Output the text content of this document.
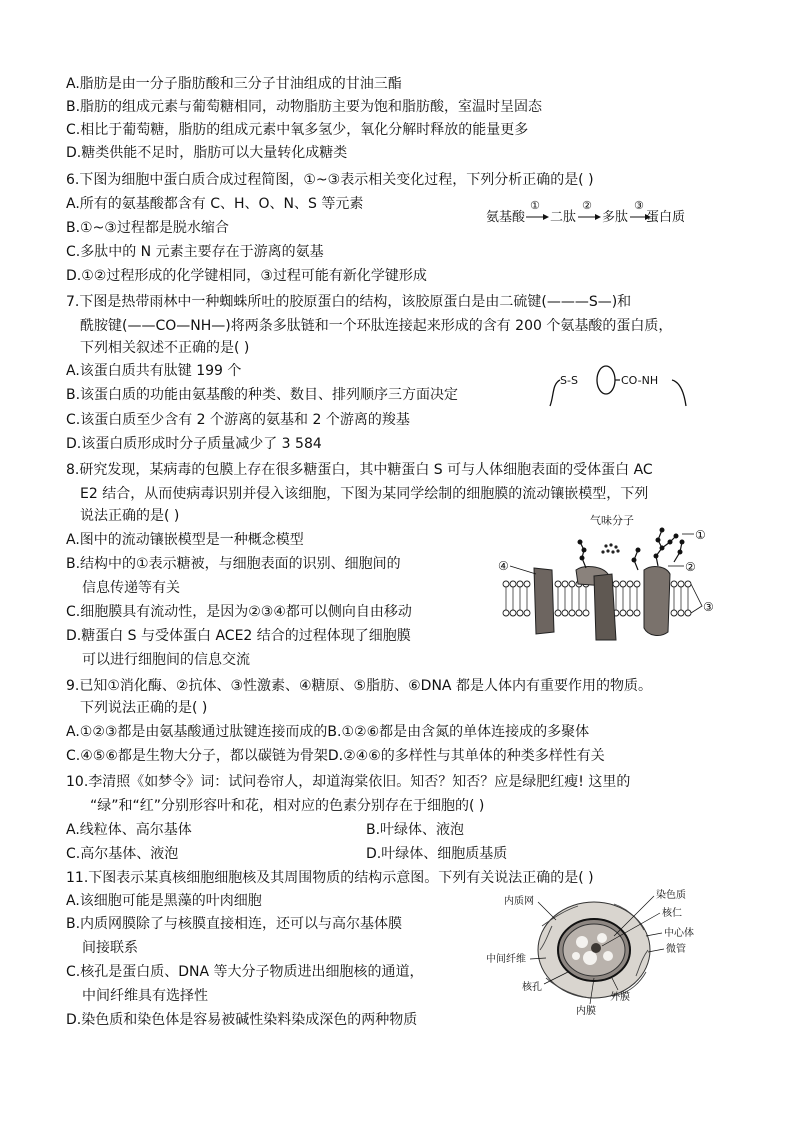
A.脂肪是由一分子脂肪酸和三分子甘油组成的甘油三酯
B.脂肪的组成元素与葡萄糖相同，动物脂肪主要为饱和脂肪酸，室温时呈固态
C.相比于葡萄糖，脂肪的组成元素中氧多氢少，氧化分解时释放的能量更多
D.糖类供能不足时，脂肪可以大量转化成糖类
6.下图为细胞中蛋白质合成过程简图，①~③表示相关变化过程，下列分析正确的是( )
A.所有的氨基酸都含有 C、H、O、N、S 等元素
B.①~③过程都是脱水缩合
C.多肽中的 N 元素主要存在于游离的氨基
D.①②过程形成的化学键相同，③过程可能有新化学键形成
7.下图是热带雨林中一种蜘蛛所吐的胶原蛋白的结构，该胶原蛋白是由二硫键(———S—)和
酰胺键(——CO—NH—)将两条多肽链和一个环肽连接起来形成的含有 200 个氨基酸的蛋白质，
下列相关叙述不正确的是( )
A.该蛋白质共有肽键 199 个
B.该蛋白质的功能由氨基酸的种类、数目、排列顺序三方面决定
C.该蛋白质至少含有 2 个游离的氨基和 2 个游离的羧基
D.该蛋白质形成时分子质量减少了 3 584
8.研究发现，某病毒的包膜上存在很多糖蛋白，其中糖蛋白 S 可与人体细胞表面的受体蛋白 AC
E2 结合，从而使病毒识别并侵入该细胞，下图为某同学绘制的细胞膜的流动镶嵌模型，下列
说法正确的是( )
A.图中的流动镶嵌模型是一种概念模型
B.结构中的①表示糖被，与细胞表面的识别、细胞间的
信息传递等有关
C.细胞膜具有流动性，是因为②③④都可以侧向自由移动
D.糖蛋白 S 与受体蛋白 ACE2 结合的过程体现了细胞膜
可以进行细胞间的信息交流
9.已知①消化酶、②抗体、③性激素、④糖原、⑤脂肪、⑥DNA 都是人体内有重要作用的物质。
下列说法正确的是( )
A.①②③都是由氨基酸通过肽键连接而成的B.①②⑥都是由含氮的单体连接成的多聚体
C.④⑤⑥都是生物大分子，都以碳链为骨架D.②④⑥的多样性与其单体的种类多样性有关
10.李清照《如梦令》词：试问卷帘人，却道海棠依旧。知否？知否？应是绿肥红瘦! 这里的
“绿”和“红”分别形容叶和花，相对应的色素分别存在于细胞的( )
A.线粒体、高尔基体	B.叶绿体、液泡
C.高尔基体、液泡	D.叶绿体、细胞质基质
11.下图表示某真核细胞细胞核及其周围物质的结构示意图。下列有关说法正确的是( )
A.该细胞可能是黑藻的叶肉细胞
B.内质网膜除了与核膜直接相连，还可以与高尔基体膜
间接联系
C.核孔是蛋白质、DNA 等大分子物质进出细胞核的通道，
中间纤维具有选择性
D.染色质和染色体是容易被碱性染料染成深色的两种物质
氨基酸
①
二肽
②
多肽
③
蛋白质
S-S	CO-NH
气味分子
①
②
④
③
内质网
染色质
核仁
中心体
微管
中间纤维
核孔
外膜
内膜
